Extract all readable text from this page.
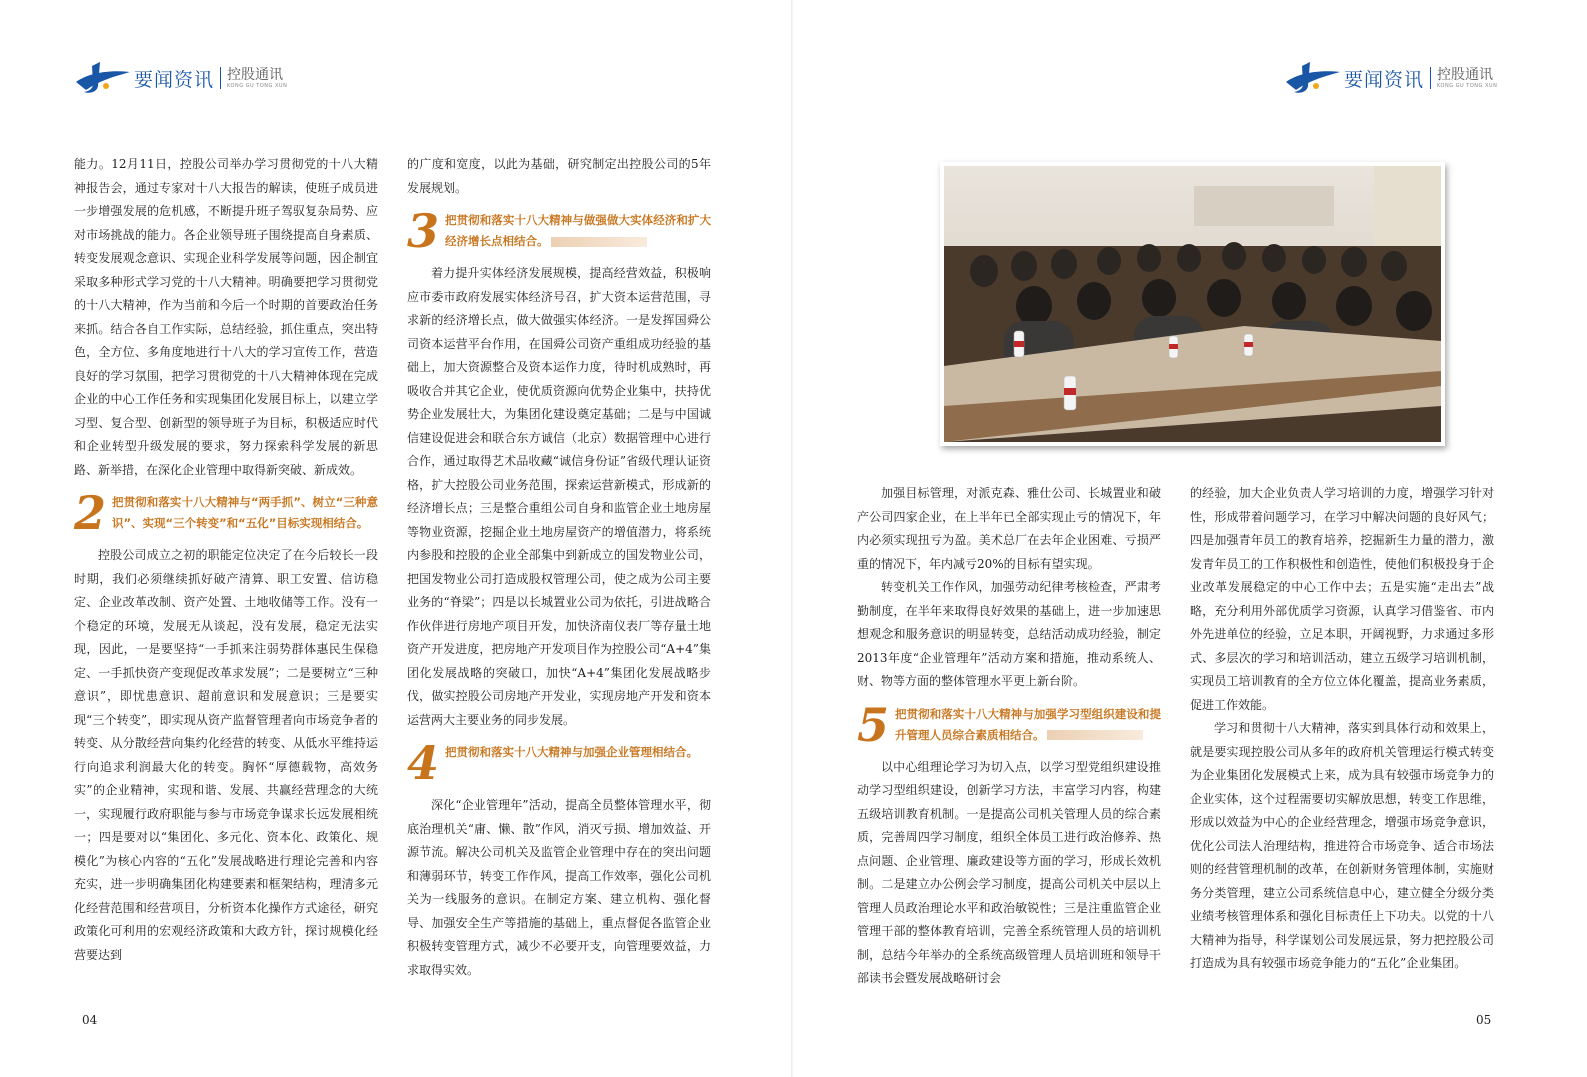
要闻资讯 控股通讯
KONG GU TONG XUN	要闻资讯 控股通讯
KONG GU TONG XUN

能力。12月11日，控股公司举办学习贯彻党的十八大精神报告会，通过专家对十八大报告的解读，使班子成员进一步增强发展的危机感，不断提升班子驾驭复杂局势、应对市场挑战的能力。各企业领导班子围绕提高自身素质、转变发展观念意识、实现企业科学发展等问题，因企制宜采取多种形式学习党的十八大精神。明确要把学习贯彻党的十八大精神，作为当前和今后一个时期的首要政治任务来抓。结合各自工作实际，总结经验，抓住重点，突出特色，全方位、多角度地进行十八大的学习宣传工作，营造良好的学习氛围，把学习贯彻党的十八大精神体现在完成企业的中心工作任务和实现集团化发展目标上，以建立学习型、复合型、创新型的领导班子为目标，积极适应时代和企业转型升级发展的要求，努力探索科学发展的新思路、新举措，在深化企业管理中取得新突破、新成效。

2 把贯彻和落实十八大精神与“两手抓”、树立“三种意识”、实现“三个转变”和“五化”目标实现相结合。

控股公司成立之初的职能定位决定了在今后较长一段时期，我们必须继续抓好破产清算、职工安置、信访稳定、企业改革改制、资产处置、土地收储等工作。没有一个稳定的环境，发展无从谈起，没有发展，稳定无法实现，因此，一是要坚持“一手抓来注弱势群体惠民生保稳定、一手抓快资产变现促改革求发展”；二是要树立“三种意识”，即忧患意识、超前意识和发展意识；三是要实现“三个转变”，即实现从资产监督管理者向市场竞争者的转变、从分散经营向集约化经营的转变、从低水平维持运行向追求利润最大化的转变。胸怀“厚德载物，高效务实”的企业精神，实现和谐、发展、共赢经营理念的大统一，实现履行政府职能与参与市场竞争谋求长远发展相统一；四是要对以“集团化、多元化、资本化、政策化、规模化”为核心内容的“五化”发展战略进行理论完善和内容充实，进一步明确集团化构建要素和框架结构，理清多元化经营范围和经营项目，分析资本化操作方式途径，研究政策化可利用的宏观经济政策和大政方针，探讨规模化经营要达到

的广度和宽度，以此为基础，研究制定出控股公司的5年发展规划。

3 把贯彻和落实十八大精神与做强做大实体经济和扩大经济增长点相结合。

着力提升实体经济发展规模，提高经营效益，积极响应市委市政府发展实体经济号召，扩大资本运营范围，寻求新的经济增长点，做大做强实体经济。一是发挥国舜公司资本运营平台作用，在国舜公司资产重组成功经验的基础上，加大资源整合及资本运作力度，待时机成熟时，再吸收合并其它企业，使优质资源向优势企业集中，扶持优势企业发展壮大，为集团化建设奠定基础；二是与中国诚信建设促进会和联合东方诚信（北京）数据管理中心进行合作，通过取得艺术品收藏“诚信身份证”省级代理认证资格，扩大控股公司业务范围，探索运营新模式，形成新的经济增长点；三是整合重组公司自身和监管企业土地房屋等物业资源，挖掘企业土地房屋资产的增值潜力，将系统内参股和控股的企业全部集中到新成立的国发物业公司，把国发物业公司打造成股权管理公司，使之成为公司主要业务的“脊梁”；四是以长城置业公司为依托，引进战略合作伙伴进行房地产项目开发，加快济南仪表厂等存量土地资产开发进度，把房地产开发项目作为控股公司“A+4”集团化发展战略的突破口，加快“A+4”集团化发展战略步伐，做实控股公司房地产开发业，实现房地产开发和资本运营两大主要业务的同步发展。

4 把贯彻和落实十八大精神与加强企业管理相结合。

深化“企业管理年”活动，提高全员整体管理水平，彻底治理机关“庸、懒、散”作风，消灭亏损、增加效益、开源节流。解决公司机关及监管企业管理中存在的突出问题和薄弱环节，转变工作作风，提高工作效率，强化公司机关为一线服务的意识。在制定方案、建立机构、强化督导、加强安全生产等措施的基础上，重点督促各监管企业积极转变管理方式，减少不必要开支，向管理要效益，力求取得实效。

加强目标管理，对派克森、雅仕公司、长城置业和破产公司四家企业，在上半年已全部实现止亏的情况下，年内必须实现扭亏为盈。美术总厂在去年企业困难、亏损严重的情况下，年内减亏20%的目标有望实现。

转变机关工作作风，加强劳动纪律考核检查，严肃考勤制度，在半年来取得良好效果的基础上，进一步加速思想观念和服务意识的明显转变，总结活动成功经验，制定2013年度“企业管理年”活动方案和措施，推动系统人、财、物等方面的整体管理水平更上新台阶。

5 把贯彻和落实十八大精神与加强学习型组织建设和提升管理人员综合素质相结合。

以中心组理论学习为切入点，以学习型党组织建设推动学习型组织建设，创新学习方法，丰富学习内容，构建五级培训教育机制。一是提高公司机关管理人员的综合素质，完善周四学习制度，组织全体员工进行政治修养、热点问题、企业管理、廉政建设等方面的学习，形成长效机制。二是建立办公例会学习制度，提高公司机关中层以上管理人员政治理论水平和政治敏锐性；三是注重监管企业管理干部的整体教育培训，完善全系统管理人员的培训机制，总结今年举办的全系统高级管理人员培训班和领导干部读书会暨发展战略研讨会

的经验，加大企业负责人学习培训的力度，增强学习针对性，形成带着问题学习，在学习中解决问题的良好风气；四是加强青年员工的教育培养，挖掘新生力量的潜力，激发青年员工的工作积极性和创造性，使他们积极投身于企业改革发展稳定的中心工作中去；五是实施“走出去”战略，充分利用外部优质学习资源，认真学习借鉴省、市内外先进单位的经验，立足本职，开阔视野，力求通过多形式、多层次的学习和培训活动，建立五级学习培训机制，实现员工培训教育的全方位立体化覆盖，提高业务素质，促进工作效能。

学习和贯彻十八大精神，落实到具体行动和效果上，就是要实现控股公司从多年的政府机关管理运行模式转变为企业集团化发展模式上来，成为具有较强市场竞争力的企业实体，这个过程需要切实解放思想，转变工作思维，形成以效益为中心的企业经营理念，增强市场竞争意识，优化公司法人治理结构，推进符合市场竞争、适合市场法则的经营管理机制的改革，在创新财务管理体制，实施财务分类管理，建立公司系统信息中心，建立健全分级分类业绩考核管理体系和强化目标责任上下功夫。以党的十八大精神为指导，科学谋划公司发展远景，努力把控股公司打造成为具有较强市场竞争能力的“五化”企业集团。

04	05
